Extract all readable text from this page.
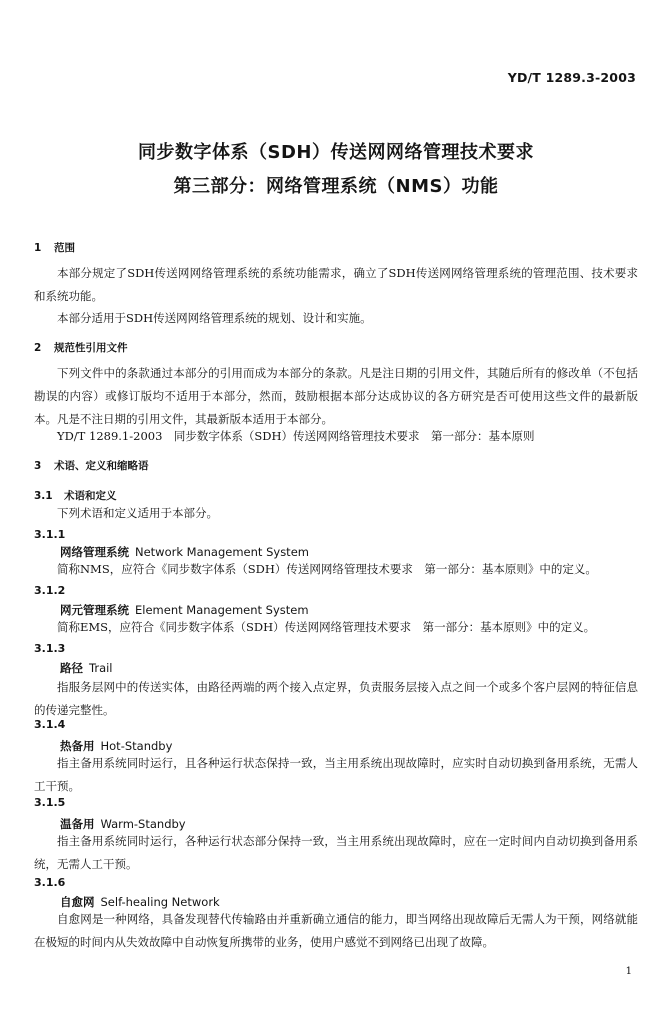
YD/T 1289.3-2003
同步数字体系（SDH）传送网网络管理技术要求
第三部分：网络管理系统（NMS）功能
1 范围
本部分规定了SDH传送网网络管理系统的系统功能需求，确立了SDH传送网网络管理系统的管理范围、技术要求和系统功能。
本部分适用于SDH传送网网络管理系统的规划、设计和实施。
2 规范性引用文件
下列文件中的条款通过本部分的引用而成为本部分的条款。凡是注日期的引用文件，其随后所有的修改单（不包括勘误的内容）或修订版均不适用于本部分，然而，鼓励根据本部分达成协议的各方研究是否可使用这些文件的最新版本。凡是不注日期的引用文件，其最新版本适用于本部分。
YD/T 1289.1-2003　同步数字体系（SDH）传送网网络管理技术要求　第一部分：基本原则
3 术语、定义和缩略语
3.1 术语和定义
下列术语和定义适用于本部分。
3.1.1
网络管理系统 Network Management System
简称NMS，应符合《同步数字体系（SDH）传送网网络管理技术要求　第一部分：基本原则》中的定义。
3.1.2
网元管理系统 Element Management System
简称EMS，应符合《同步数字体系（SDH）传送网网络管理技术要求　第一部分：基本原则》中的定义。
3.1.3
路径 Trail
指服务层网中的传送实体，由路径两端的两个接入点定界，负责服务层接入点之间一个或多个客户层网的特征信息的传递完整性。
3.1.4
热备用 Hot-Standby
指主备用系统同时运行，且各种运行状态保持一致，当主用系统出现故障时，应实时自动切换到备用系统，无需人工干预。
3.1.5
温备用 Warm-Standby
指主备用系统同时运行，各种运行状态部分保持一致，当主用系统出现故障时，应在一定时间内自动切换到备用系统，无需人工干预。
3.1.6
自愈网 Self-healing Network
自愈网是一种网络，具备发现替代传输路由并重新确立通信的能力，即当网络出现故障后无需人为干预，网络就能在极短的时间内从失效故障中自动恢复所携带的业务，使用户感觉不到网络已出现了故障。
1
